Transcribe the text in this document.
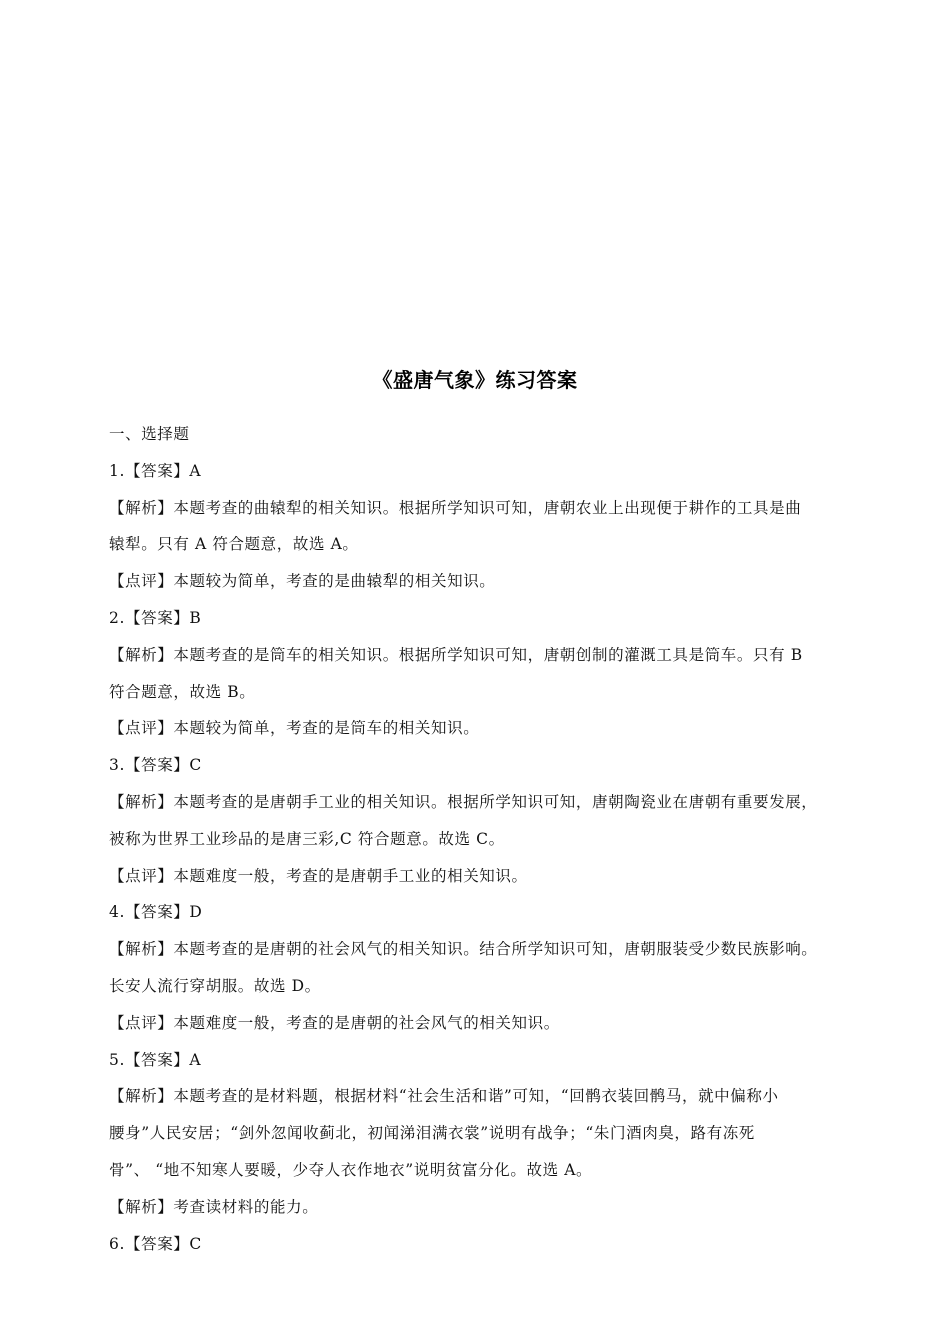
《盛唐气象》练习答案
一、选择题
1.【答案】A
【解析】本题考查的曲辕犁的相关知识。根据所学知识可知，唐朝农业上出现便于耕作的工具是曲
辕犁。只有 A 符合题意，故选 A。
【点评】本题较为简单，考查的是曲辕犁的相关知识。
2.【答案】B
【解析】本题考查的是筒车的相关知识。根据所学知识可知，唐朝创制的灌溉工具是筒车。只有 B
符合题意，故选 B。
【点评】本题较为简单，考查的是筒车的相关知识。
3.【答案】C
【解析】本题考查的是唐朝手工业的相关知识。根据所学知识可知，唐朝陶瓷业在唐朝有重要发展，
被称为世界工业珍品的是唐三彩,C 符合题意。故选 C。
【点评】本题难度一般，考查的是唐朝手工业的相关知识。
4.【答案】D
【解析】本题考查的是唐朝的社会风气的相关知识。结合所学知识可知，唐朝服装受少数民族影响。
长安人流行穿胡服。故选 D。
【点评】本题难度一般，考查的是唐朝的社会风气的相关知识。
5.【答案】A
【解析】本题考查的是材料题，根据材料“社会生活和谐”可知，“回鹘衣装回鹘马，就中偏称小
腰身”人民安居；“剑外忽闻收蓟北，初闻涕泪满衣裳”说明有战争；“朱门酒肉臭，路有冻死
骨”、 “地不知寒人要暖，少夺人衣作地衣”说明贫富分化。故选 A。
【解析】考查读材料的能力。
6.【答案】C
